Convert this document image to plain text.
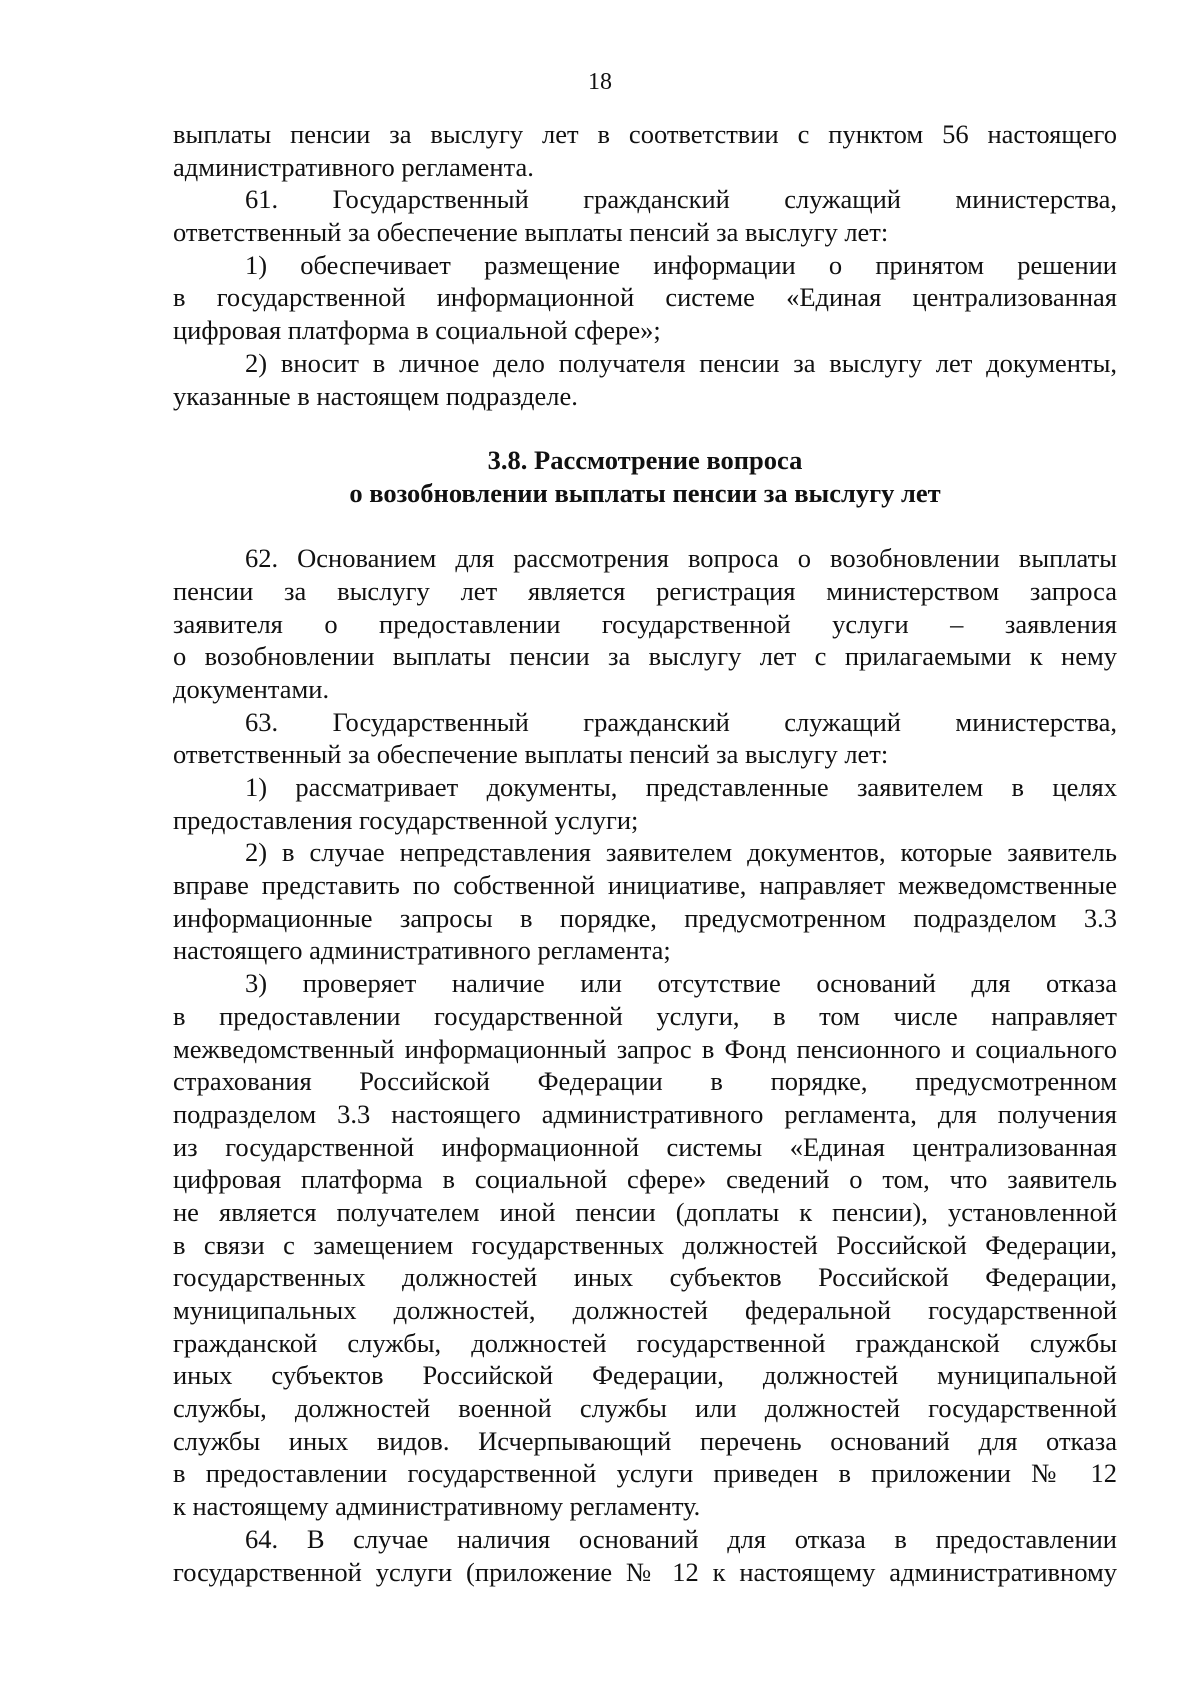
18
выплаты пенсии за выслугу лет в соответствии с пунктом 56 настоящего
административного регламента.
61. Государственный гражданский служащий министерства,
ответственный за обеспечение выплаты пенсий за выслугу лет:
1) обеспечивает размещение информации о принятом решении
в государственной информационной системе «Единая централизованная
цифровая платформа в социальной сфере»;
2) вносит в личное дело получателя пенсии за выслугу лет документы,
указанные в настоящем подразделе.
3.8. Рассмотрение вопроса
о возобновлении выплаты пенсии за выслугу лет
62. Основанием для рассмотрения вопроса о возобновлении выплаты
пенсии за выслугу лет является регистрация министерством запроса
заявителя о предоставлении государственной услуги – заявления
о возобновлении выплаты пенсии за выслугу лет с прилагаемыми к нему
документами.
63. Государственный гражданский служащий министерства,
ответственный за обеспечение выплаты пенсий за выслугу лет:
1) рассматривает документы, представленные заявителем в целях
предоставления государственной услуги;
2) в случае непредставления заявителем документов, которые заявитель
вправе представить по собственной инициативе, направляет межведомственные
информационные запросы в порядке, предусмотренном подразделом 3.3
настоящего административного регламента;
3) проверяет наличие или отсутствие оснований для отказа
в предоставлении государственной услуги, в том числе направляет
межведомственный информационный запрос в Фонд пенсионного и социального
страхования Российской Федерации в порядке, предусмотренном
подразделом 3.3 настоящего административного регламента, для получения
из государственной информационной системы «Единая централизованная
цифровая платформа в социальной сфере» сведений о том, что заявитель
не является получателем иной пенсии (доплаты к пенсии), установленной
в связи с замещением государственных должностей Российской Федерации,
государственных должностей иных субъектов Российской Федерации,
муниципальных должностей, должностей федеральной государственной
гражданской службы, должностей государственной гражданской службы
иных субъектов Российской Федерации, должностей муниципальной
службы, должностей военной службы или должностей государственной
службы иных видов. Исчерпывающий перечень оснований для отказа
в предоставлении государственной услуги приведен в приложении № 12
к настоящему административному регламенту.
64. В случае наличия оснований для отказа в предоставлении
государственной услуги (приложение № 12 к настоящему административному
